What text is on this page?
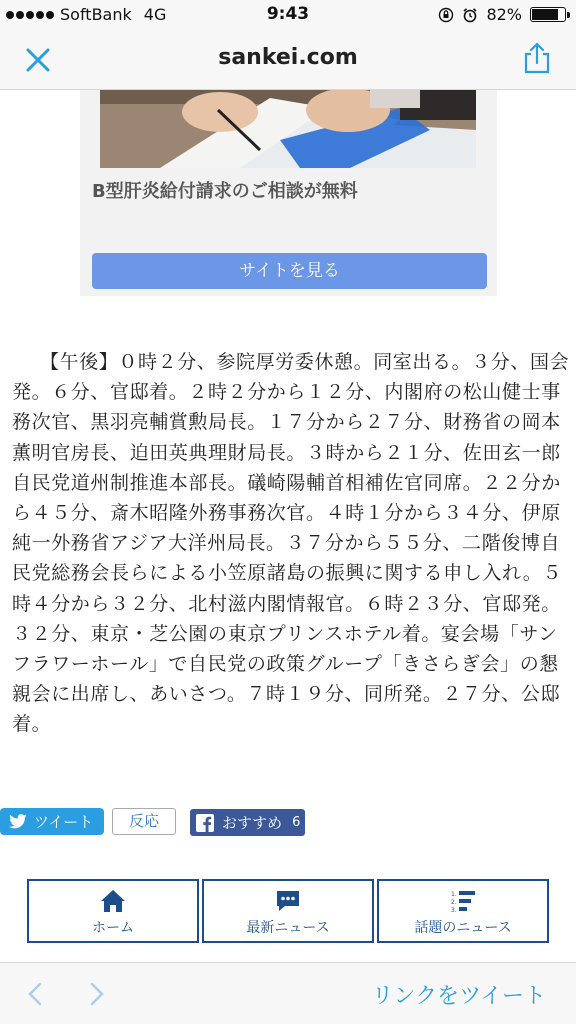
SoftBank 4G	9:43	82%
sankei.com
B型肝炎給付請求のご相談が無料
サイトを見る

【午後】０時２分、参院厚労委休憩。同室出る。３分、国会発。６分、官邸着。２時２分から１２分、内閣府の松山健士事務次官、黒羽亮輔賞勲局長。１７分から２７分、財務省の岡本薫明官房長、迫田英典理財局長。３時から２１分、佐田玄一郎自民党道州制推進本部長。礒崎陽輔首相補佐官同席。２２分から４５分、斎木昭隆外務事務次官。４時１分から３４分、伊原純一外務省アジア大洋州局長。３７分から５５分、二階俊博自民党総務会長らによる小笠原諸島の振興に関する申し入れ。５時４分から３２分、北村滋内閣情報官。６時２３分、官邸発。３２分、東京・芝公園の東京プリンスホテル着。宴会場「サンフラワーホール」で自民党の政策グループ「きさらぎ会」の懇親会に出席し、あいさつ。７時１９分、同所発。２７分、公邸着。

ツイート	反応	おすすめ 6
ホーム	最新ニュース
1.
2.
3.
話題のニュース
リンクをツイート
